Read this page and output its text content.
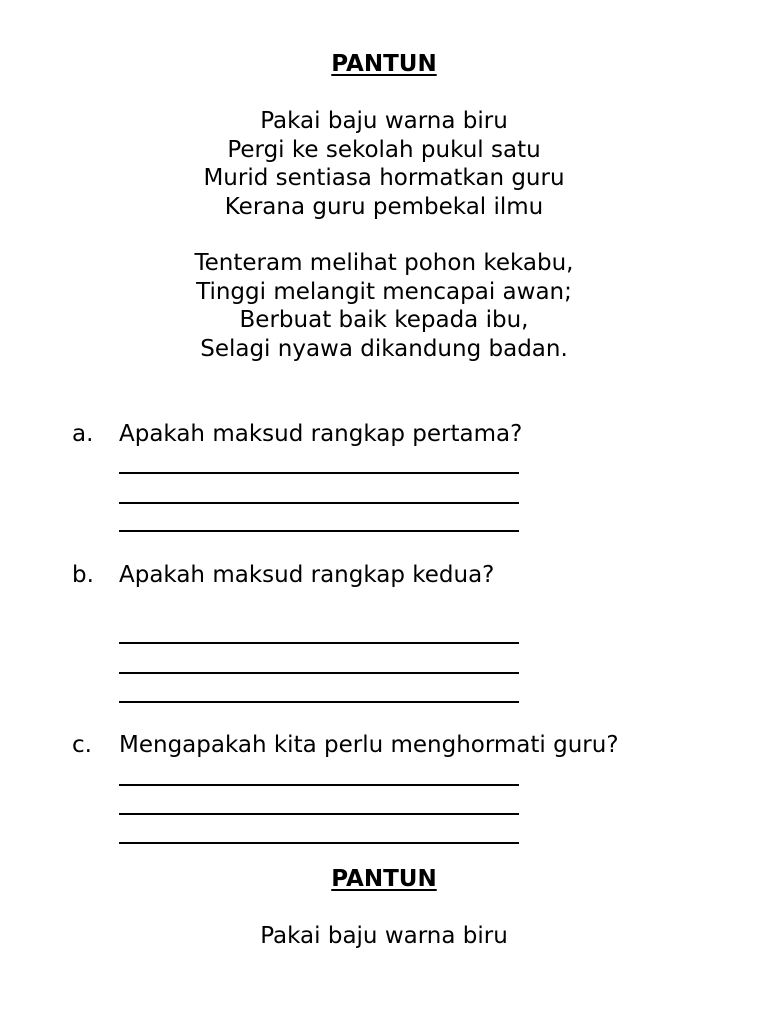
PANTUN
Pakai baju warna biru
Pergi ke sekolah pukul satu
Murid sentiasa hormatkan guru
Kerana guru pembekal ilmu
Tenteram melihat pohon kekabu,
Tinggi melangit mencapai awan;
Berbuat baik kepada ibu,
Selagi nyawa dikandung badan.
a. Apakah maksud rangkap pertama?
b. Apakah maksud rangkap kedua?
c. Mengapakah kita perlu menghormati guru?
PANTUN
Pakai baju warna biru
